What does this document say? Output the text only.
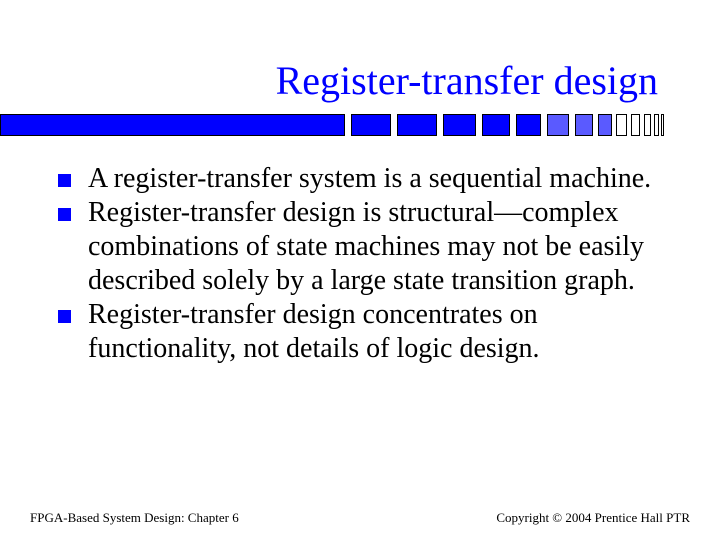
Register-transfer design
A register-transfer system is a sequential machine.
Register-transfer design is structural—complex combinations of state machines may not be easily described solely by a large state transition graph.
Register-transfer design concentrates on functionality, not details of logic design.
FPGA-Based System Design: Chapter 6	Copyright © 2004 Prentice Hall PTR
